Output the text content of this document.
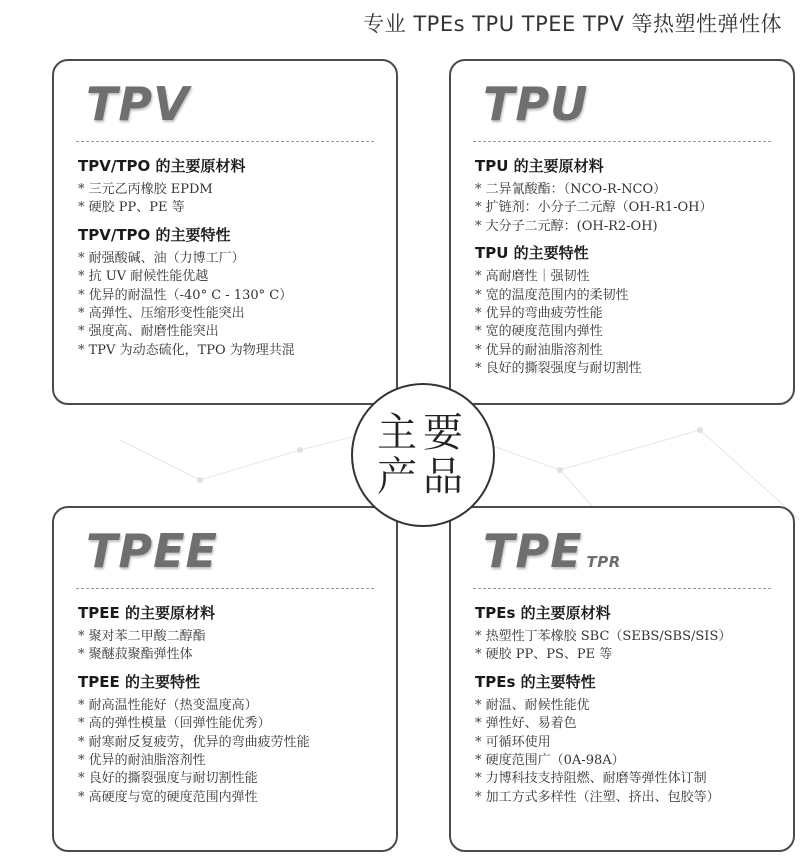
专业 TPEs TPU TPEE TPV 等热塑性弹性体
TPV
TPV/TPO 的主要原材料
* 三元乙丙橡胶 EPDM
* 硬胶 PP、PE 等
TPV/TPO 的主要特性
* 耐强酸碱、油（力博工厂）
* 抗 UV 耐候性能优越
* 优异的耐温性（-40° C - 130° C）
* 高弹性、压缩形变性能突出
* 强度高、耐磨性能突出
* TPV 为动态硫化，TPO 为物理共混
TPU
TPU 的主要原材料
* 二异氰酸酯：（NCO-R-NCO）
* 扩链剂：小分子二元醇（OH-R1-OH）
* 大分子二元醇：(OH-R2-OH)
TPU 的主要特性
* 高耐磨性｜强韧性
* 宽的温度范围内的柔韧性
* 优异的弯曲疲劳性能
* 宽的硬度范围内弹性
* 优异的耐油脂溶剂性
* 良好的撕裂强度与耐切割性
TPEE
TPEE 的主要原材料
* 聚对苯二甲酸二醇酯
* 聚醚菽聚酯弹性体
TPEE 的主要特性
* 耐高温性能好（热变温度高）
* 高的弹性模量（回弹性能优秀）
* 耐寒耐反复疲劳，优异的弯曲疲劳性能
* 优异的耐油脂溶剂性
* 良好的撕裂强度与耐切割性能
* 高硬度与宽的硬度范围内弹性
TPE TPR
TPEs 的主要原材料
* 热塑性丁苯橡胶 SBC（SEBS/SBS/SIS）
* 硬胶 PP、PS、PE 等
TPEs 的主要特性
* 耐温、耐候性能优
* 弹性好、易着色
* 可循环使用
* 硬度范围广（0A-98A）
* 力博科技支持阻燃、耐磨等弹性体订制
* 加工方式多样性（注塑、挤出、包胶等）
主要
产品
